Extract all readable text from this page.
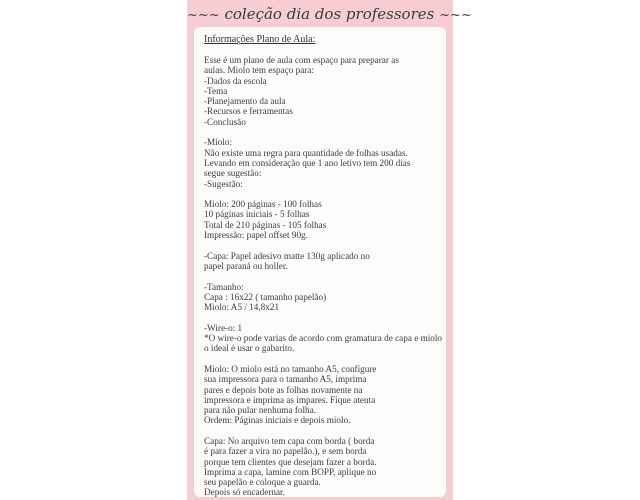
~~~ coleção dia dos professores ~~~
Informações Plano de Aula:
Esse é um plano de aula com espaço para preparar as
aulas. Miolo tem espaço para:
-Dados da escola
-Tema
-Planejamento da aula
-Recursos e ferramentas
-Conclusão
-Miolo:
Não existe uma regra para quantidade de folhas usadas.
Levando em consideração que 1 ano letivo tem 200 dias
segue sugestão:
-Sugestão:
Miolo: 200 páginas - 100 folhas
10 páginas iniciais - 5 folhas
Total de 210 páginas - 105 folhas
Impressão: papel offset 90g.
-Capa: Papel adesivo matte 130g aplicado no
papel paraná ou holler.
-Tamanho:
Capa : 16x22 ( tamanho papelão)
Miolo: A5 / 14,8x21
-Wire-o: 1
*O wire-o pode varias de acordo com gramatura de capa e miolo
o ideal é usar o gabarito.
Miolo: O miolo está no tamanho A5, configure
sua impressora para o tamanho A5, imprima
pares e depois bote as folhas novamente na
impressora e imprima as impares. Fique atenta
para não pular nenhuma folha.
Ordem: Páginas iniciais e depois miolo.
Capa: No arquivo tem capa com borda ( borda
é para fazer a vira no papelão.), e sem borda
porque tem clientes que desejam fazer a borda.
Imprima a capa, lamine com BOPP, aplique no
seu papelão e coloque a guarda.
Depois só encadernar.
